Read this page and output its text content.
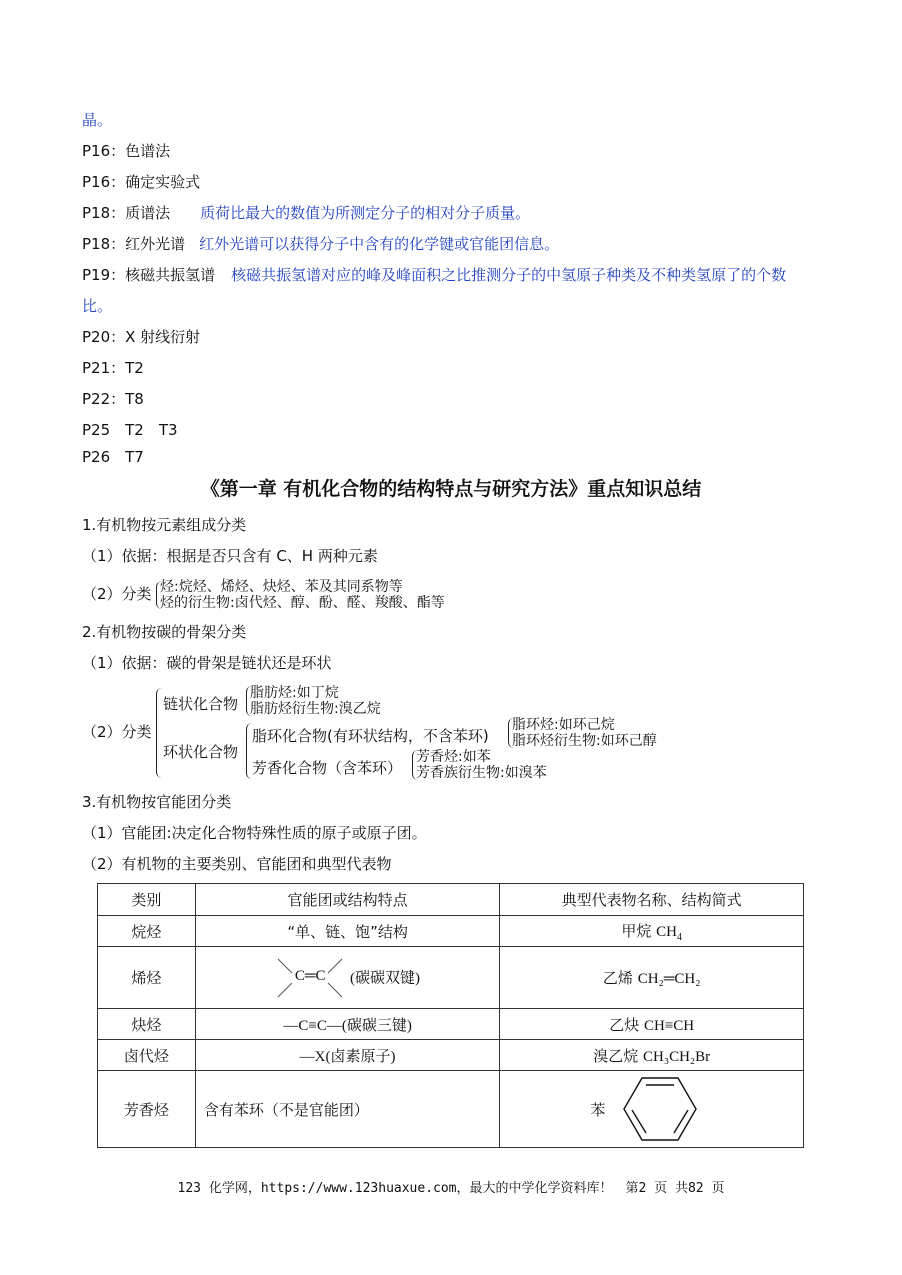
晶。
P16：色谱法
P16：确定实验式
P18：质谱法 质荷比最大的数值为所测定分子的相对分子质量。
P18：红外光谱 红外光谱可以获得分子中含有的化学键或官能团信息。
P19：核磁共振氢谱 核磁共振氢谱对应的峰及峰面积之比推测分子的中氢原子种类及不种类氢原了的个数
比。
P20：X 射线衍射
P21：T2
P22：T8
P25　T2　T3
P26　T7
《第一章 有机化合物的结构特点与研究方法》重点知识总结
1.有机物按元素组成分类
（1）依据：根据是否只含有 C、H 两种元素
（2）分类 烃:烷烃、烯烃、炔烃、苯及其同系物等
烃的衍生物:卤代烃、醇、酚、醛、羧酸、酯等
2.有机物按碳的骨架分类
（1）依据：碳的骨架是链状还是环状
（2）分类
链状化合物
脂肪烃:如丁烷
脂肪烃衍生物:溴乙烷
环状化合物
脂环化合物(有环状结构，不含苯环)
脂环烃:如环己烷
脂环烃衍生物:如环己醇
芳香化合物（含苯环）
芳香烃:如苯
芳香族衍生物:如溴苯
3.有机物按官能团分类
（1）官能团:决定化合物特殊性质的原子或原子团。
（2）有机物的主要类别、官能团和典型代表物
类别	官能团或结构特点	典型代表物名称、结构简式
烷烃	“单、链、饱”结构	甲烷 $CH_4$
烯烃	C═C (碳碳双键)	乙烯 CH₂═CH₂
炔烃	—C≡C—(碳碳三键)	乙炔 CH≡CH
卤代烃	—X(卤素原子)	溴乙烷 CH₃CH₂Br
芳香烃	含有苯环（不是官能团）	苯
123 化学网，https://www.123huaxue.com，最大的中学化学资料库！　第2 页 共82 页
